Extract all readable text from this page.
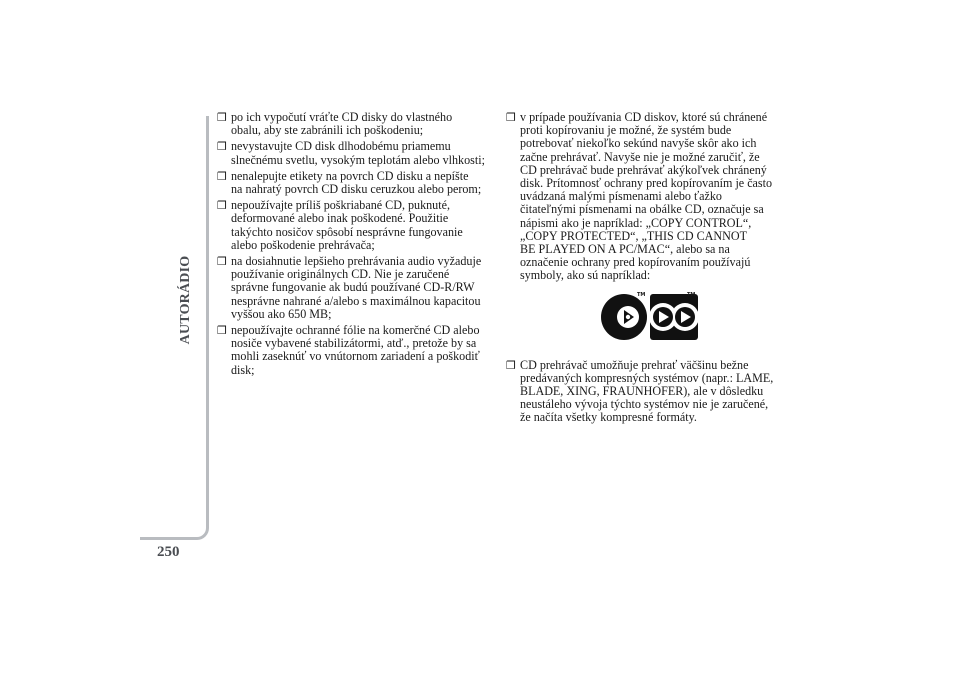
AUTORÁDIO
250
❒ po ich vypočutí vráťte CD disky do vlastného
obalu, aby ste zabránili ich poškodeniu;
❒ nevystavujte CD disk dlhodobému priamemu
slnečnému svetlu, vysokým teplotám alebo vlhkosti;
❒ nenalepujte etikety na povrch CD disku a nepíšte
na nahratý povrch CD disku ceruzkou alebo perom;
❒ nepoužívajte príliš poškriabané CD, puknuté,
deformované alebo inak poškodené. Použitie
takýchto nosičov spôsobí nesprávne fungovanie
alebo poškodenie prehrávača;
❒ na dosiahnutie lepšieho prehrávania audio vyžaduje
používanie originálnych CD. Nie je zaručené
správne fungovanie ak budú používané CD-R/RW
nesprávne nahrané a/alebo s maximálnou kapacitou
vyššou ako 650 MB;
❒ nepoužívajte ochranné fólie na komerčné CD alebo
nosiče vybavené stabilizátormi, atď., pretože by sa
mohli zaseknúť vo vnútornom zariadení a poškodiť
disk;
❒ v prípade používania CD diskov, ktoré sú chránené
proti kopírovaniu je možné, že systém bude
potrebovať niekoľko sekúnd navyše skôr ako ich
začne prehrávať. Navyše nie je možné zaručiť, že
CD prehrávač bude prehrávať akýkoľvek chránený
disk. Prítomnosť ochrany pred kopírovaním je často
uvádzaná malými písmenami alebo ťažko
čitateľnými písmenami na obálke CD, označuje sa
nápismi ako je napríklad: „COPY CONTROL“,
„COPY PROTECTED“, „THIS CD CANNOT
BE PLAYED ON A PC/MAC“, alebo sa na
označenie ochrany pred kopírovaním používajú
symboly, ako sú napríklad:
TM	TM
❒ CD prehrávač umožňuje prehrať väčšinu bežne
predávaných kompresných systémov (napr.: LAME,
BLADE, XING, FRAUNHOFER), ale v dôsledku
neustáleho vývoja týchto systémov nie je zaručené,
že načíta všetky kompresné formáty.
